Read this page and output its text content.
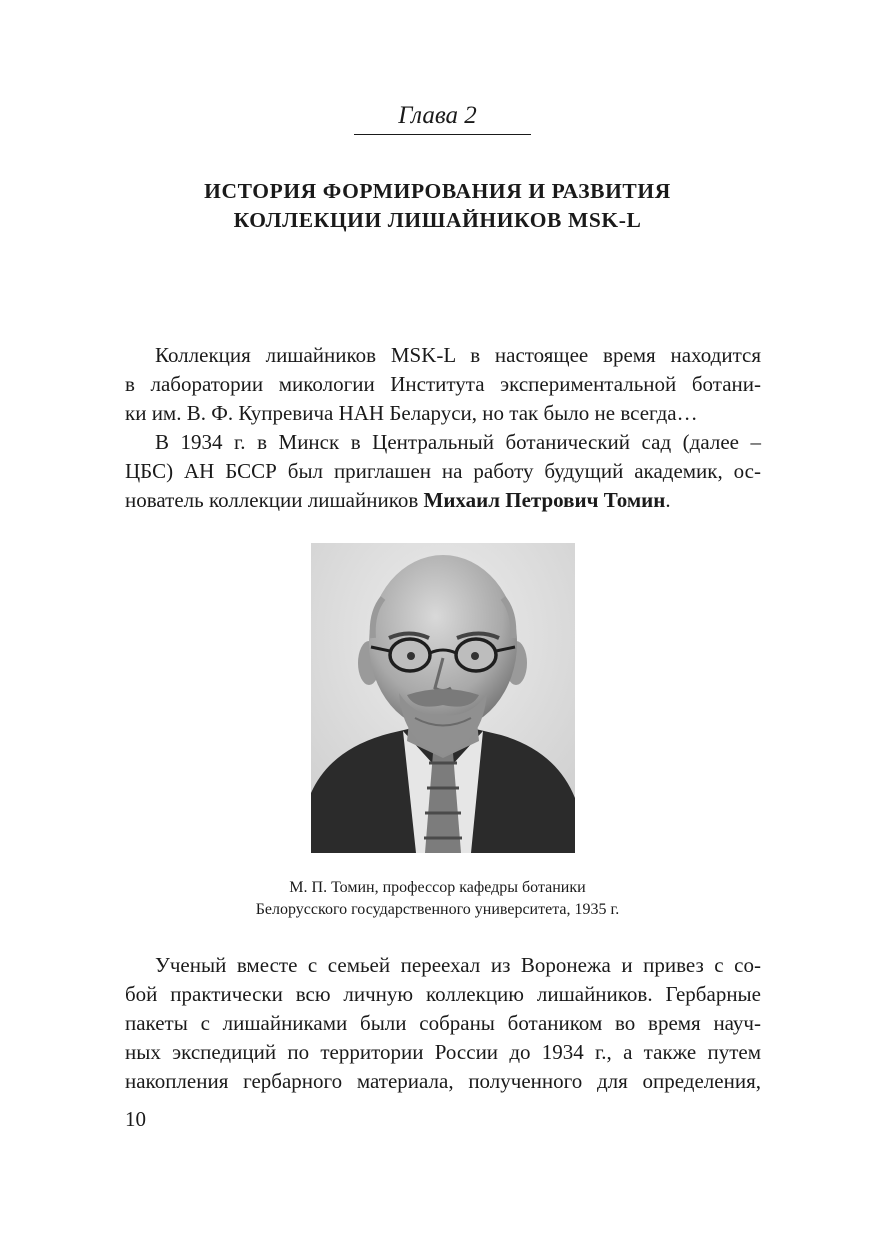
Глава 2
ИСТОРИЯ ФОРМИРОВАНИЯ И РАЗВИТИЯ
КОЛЛЕКЦИИ ЛИШАЙНИКОВ MSK-L
Коллекция лишайников MSK-L в настоящее время находится
в лаборатории микологии Института экспериментальной ботани-
ки им. В. Ф. Купревича НАН Беларуси, но так было не всегда…
В 1934 г. в Минск в Центральный ботанический сад (далее –
ЦБС) АН БССР был приглашен на работу будущий академик, ос-
нователь коллекции лишайников Михаил Петрович Томин.
М. П. Томин, профессор кафедры ботаники
Белорусского государственного университета, 1935 г.
Ученый вместе с семьей переехал из Воронежа и привез с со-
бой практически всю личную коллекцию лишайников. Гербарные
пакеты с лишайниками были собраны ботаником во время науч-
ных экспедиций по территории России до 1934 г., а также путем
накопления гербарного материала, полученного для определения,
10
